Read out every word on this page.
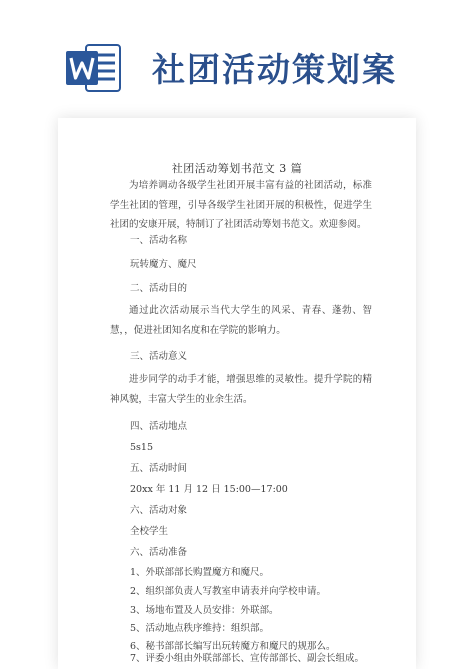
社团活动策划案
社团活动筹划书范文 3 篇
为培养调动各级学生社团开展丰富有益的社团活动，标准学生社团的管理，引导各级学生社团开展的积极性，促进学生社团的安康开展，特制订了社团活动筹划书范文。欢迎参阅。
一、活动名称
玩转魔方、魔尺
二、活动目的
通过此次活动展示当代大学生的风采、青春、蓬勃、智慧，，促进社团知名度和在学院的影响力。
三、活动意义
进步同学的动手才能，增强思维的灵敏性。提升学院的精神风貌，丰富大学生的业余生活。
四、活动地点
5s15
五、活动时间
20xx 年 11 月 12 日 15:00—17:00
六、活动对象
全校学生
六、活动准备
1、外联部部长购置魔方和魔尺。
2、组织部负责人写教室申请表并向学校申请。
3、场地布置及人员安排：外联部。
5、活动地点秩序维持：组织部。
6、秘书部部长编写出玩转魔方和魔尺的规那么。
7、评委小组由外联部部长、宣传部部长、副会长组成。
